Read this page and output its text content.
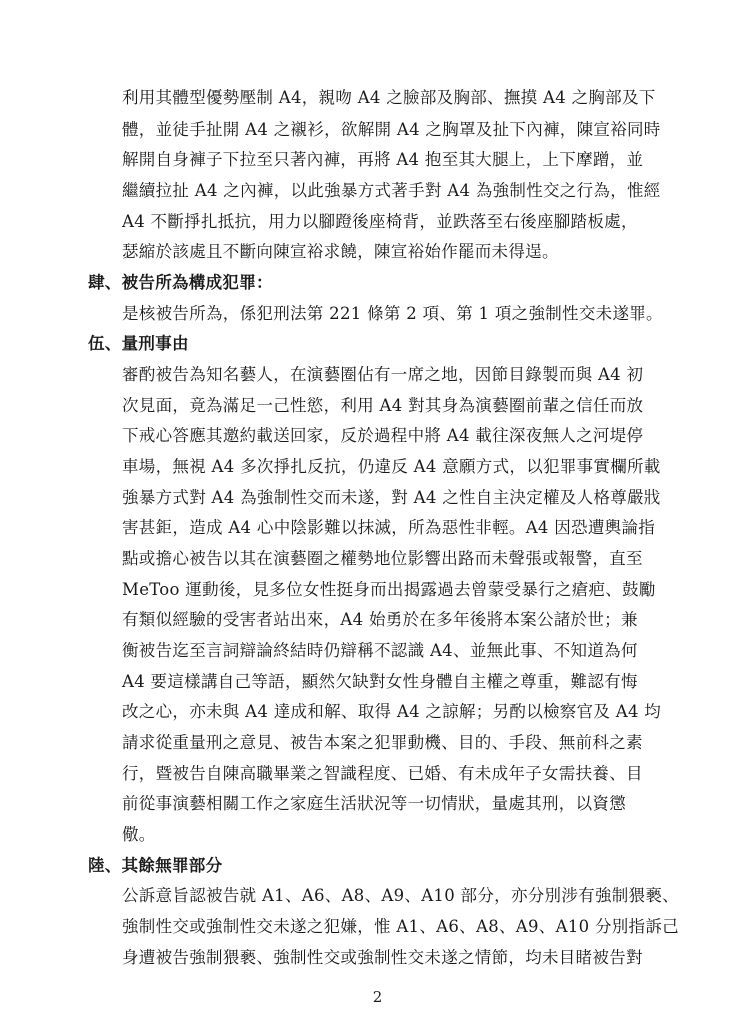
利用其體型優勢壓制 A4，親吻 A4 之臉部及胸部、撫摸 A4 之胸部及下
體，並徒手扯開 A4 之襯衫，欲解開 A4 之胸罩及扯下內褲，陳宣裕同時
解開自身褲子下拉至只著內褲，再將 A4 抱至其大腿上，上下摩蹭，並
繼續拉扯 A4 之內褲，以此強暴方式著手對 A4 為強制性交之行為，惟經
A4 不斷掙扎抵抗，用力以腳蹬後座椅背，並跌落至右後座腳踏板處，
瑟縮於該處且不斷向陳宣裕求饒，陳宣裕始作罷而未得逞。
肆、被告所為構成犯罪：
是核被告所為，係犯刑法第 221 條第 2 項、第 1 項之強制性交未遂罪。
伍、量刑事由
審酌被告為知名藝人，在演藝圈佔有一席之地，因節目錄製而與 A4 初
次見面，竟為滿足一己性慾，利用 A4 對其身為演藝圈前輩之信任而放
下戒心答應其邀約載送回家，反於過程中將 A4 載往深夜無人之河堤停
車場，無視 A4 多次掙扎反抗，仍違反 A4 意願方式，以犯罪事實欄所載
強暴方式對 A4 為強制性交而未遂，對 A4 之性自主決定權及人格尊嚴戕
害甚鉅，造成 A4 心中陰影難以抹滅，所為惡性非輕。A4 因恐遭輿論指
點或擔心被告以其在演藝圈之權勢地位影響出路而未聲張或報警，直至
MeToo 運動後，見多位女性挺身而出揭露過去曾蒙受暴行之瘡疤、鼓勵
有類似經驗的受害者站出來，A4 始勇於在多年後將本案公諸於世；兼
衡被告迄至言詞辯論終結時仍辯稱不認識 A4、並無此事、不知道為何
A4 要這樣講自己等語，顯然欠缺對女性身體自主權之尊重，難認有悔
改之心，亦未與 A4 達成和解、取得 A4 之諒解；另酌以檢察官及 A4 均
請求從重量刑之意見、被告本案之犯罪動機、目的、手段、無前科之素
行，暨被告自陳高職畢業之智識程度、已婚、有未成年子女需扶養、目
前從事演藝相關工作之家庭生活狀況等一切情狀，量處其刑，以資懲
儆。
陸、其餘無罪部分
公訴意旨認被告就 A1、A6、A8、A9、A10 部分，亦分別涉有強制猥褻、
強制性交或強制性交未遂之犯嫌，惟 A1、A6、A8、A9、A10 分別指訴己
身遭被告強制猥褻、強制性交或強制性交未遂之情節，均未目睹被告對
2
